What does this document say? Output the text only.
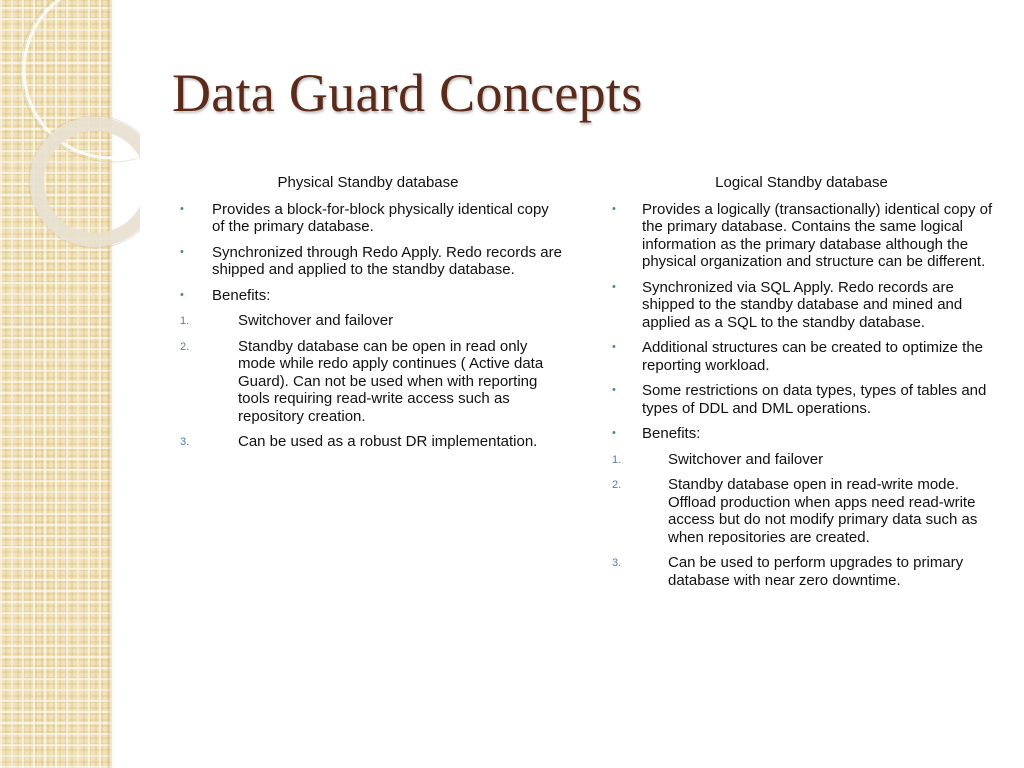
Data Guard Concepts
Physical Standby database
• Provides a block-for-block physically identical copy of the primary database.
• Synchronized through Redo Apply. Redo records are shipped and applied to the standby database.
• Benefits:
1.	Switchover and failover
2.	Standby database can be open in read only mode while redo apply continues ( Active data Guard). Can not be used when with reporting tools requiring read-write access such as repository creation.
3.	Can be used as a robust DR implementation.
Logical Standby database
• Provides a logically (transactionally) identical copy of the primary database. Contains the same logical information as the primary database although the physical organization and structure can be different.
• Synchronized via SQL Apply. Redo records are shipped to the standby database and mined and applied as a SQL to the standby database.
• Additional structures can be created to optimize the reporting workload.
• Some restrictions on data types, types of tables and types of DDL and DML operations.
• Benefits:
1.	Switchover and failover
2.	Standby database open in read-write mode. Offload production when apps need read-write access but do not modify primary data such as when repositories are created.
3.	Can be used to perform upgrades to primary database with near zero downtime.
